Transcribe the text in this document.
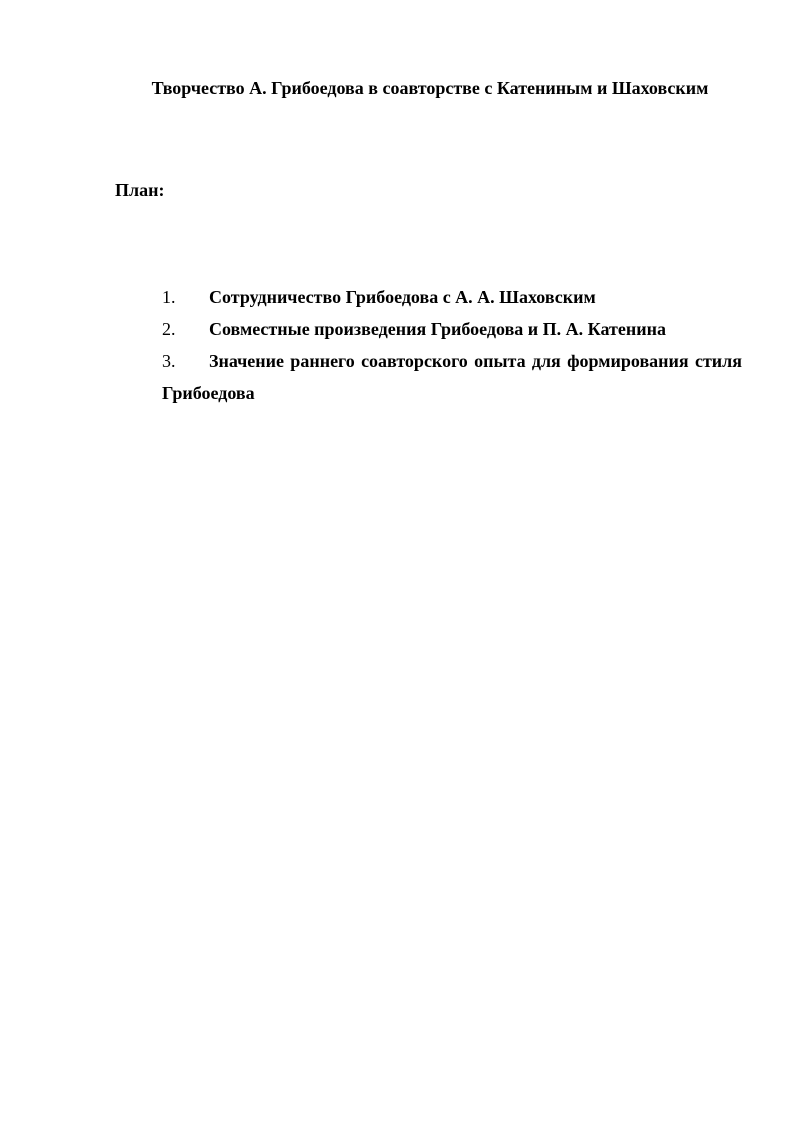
Творчество А. Грибоедова в соавторстве с Катениным и Шаховским

План:

1. Сотрудничество Грибоедова с А. А. Шаховским
2. Совместные произведения Грибоедова и П. А. Катенина
3. Значение раннего соавторского опыта для формирования стиля Грибоедова
